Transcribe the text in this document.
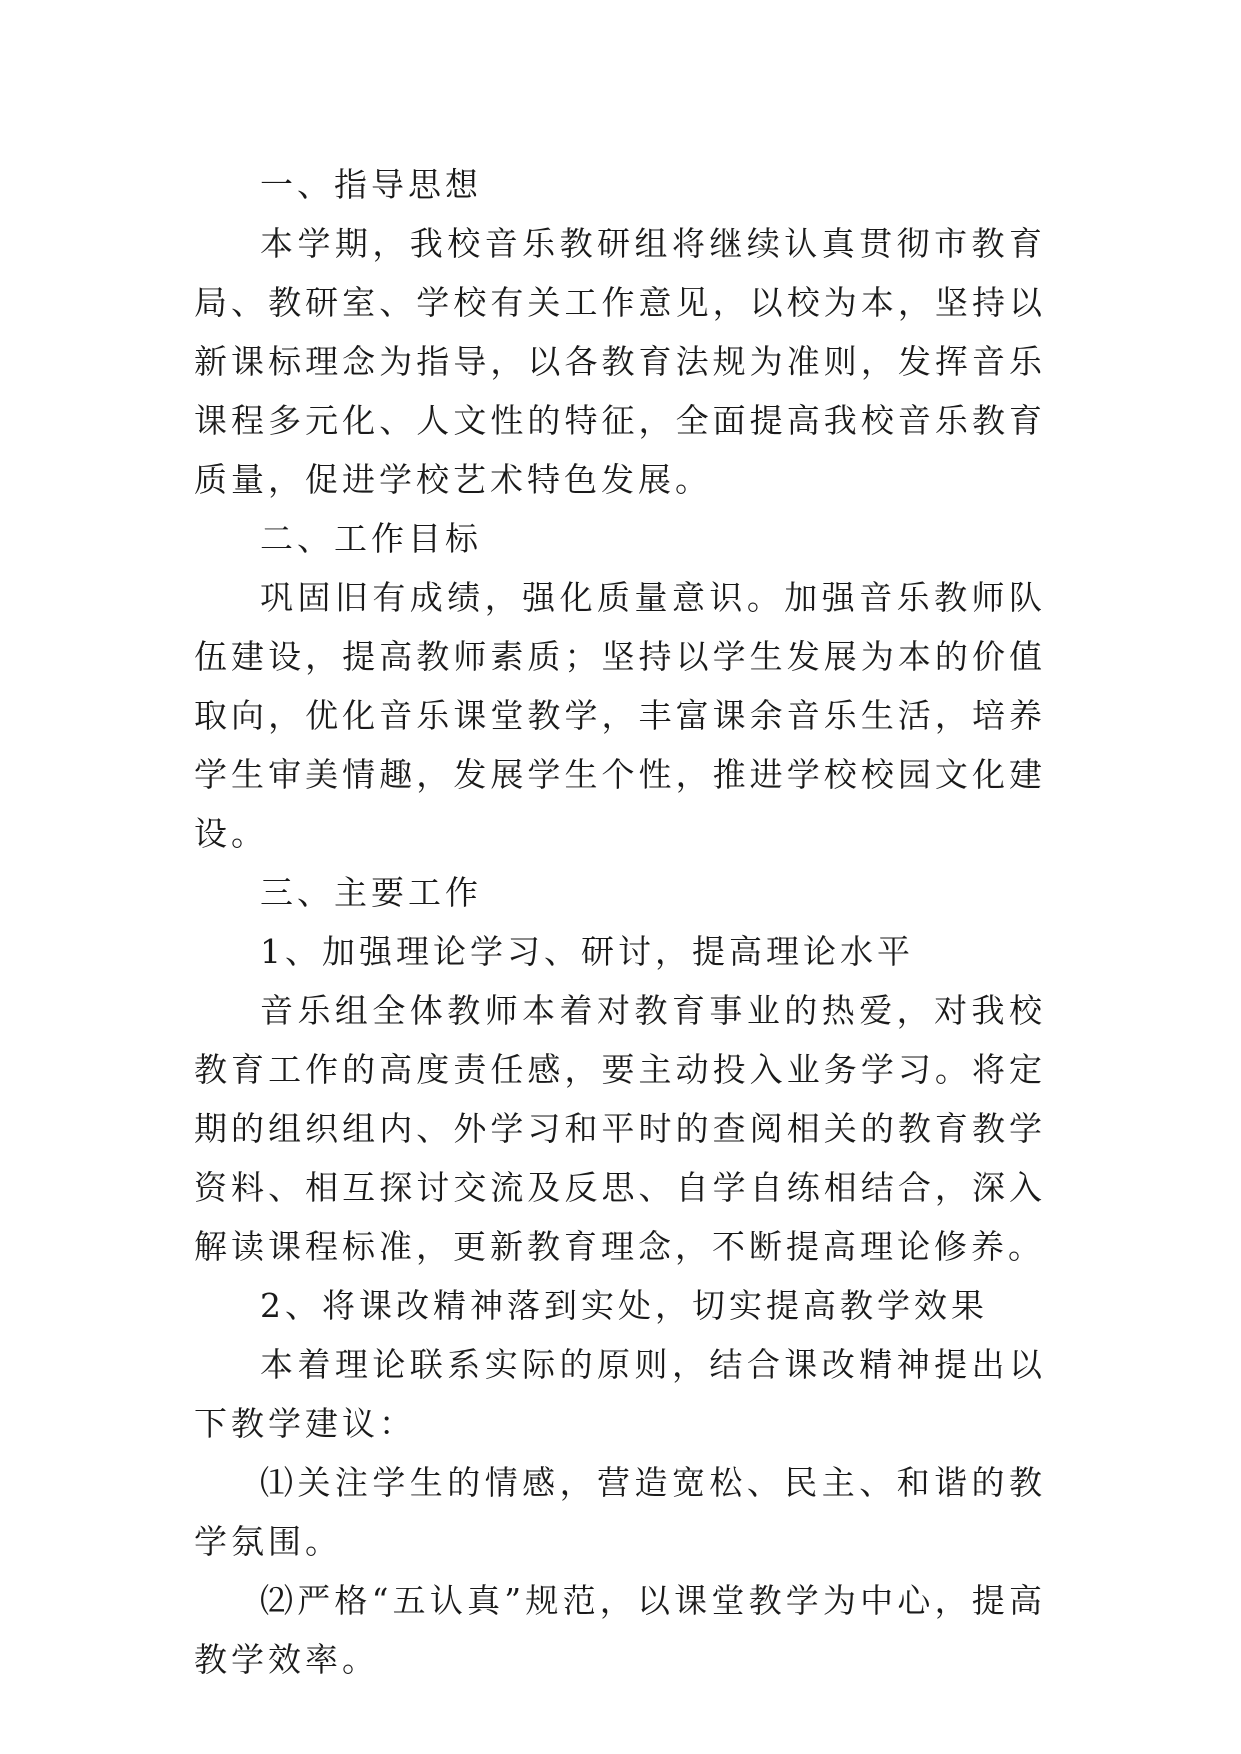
一、指导思想

本学期，我校音乐教研组将继续认真贯彻市教育局、教研室、学校有关工作意见，以校为本，坚持以新课标理念为指导，以各教育法规为准则，发挥音乐课程多元化、人文性的特征，全面提高我校音乐教育质量，促进学校艺术特色发展。

二、工作目标

巩固旧有成绩，强化质量意识。加强音乐教师队伍建设，提高教师素质；坚持以学生发展为本的价值取向，优化音乐课堂教学，丰富课余音乐生活，培养学生审美情趣，发展学生个性，推进学校校园文化建设。

三、主要工作

1、加强理论学习、研讨，提高理论水平

音乐组全体教师本着对教育事业的热爱，对我校教育工作的高度责任感，要主动投入业务学习。将定期的组织组内、外学习和平时的查阅相关的教育教学资料、相互探讨交流及反思、自学自练相结合，深入解读课程标准，更新教育理念，不断提高理论修养。

2、将课改精神落到实处，切实提高教学效果

本着理论联系实际的原则，结合课改精神提出以下教学建议：

⑴关注学生的情感，营造宽松、民主、和谐的教学氛围。

⑵严格“五认真”规范，以课堂教学为中心，提高教学效率。
